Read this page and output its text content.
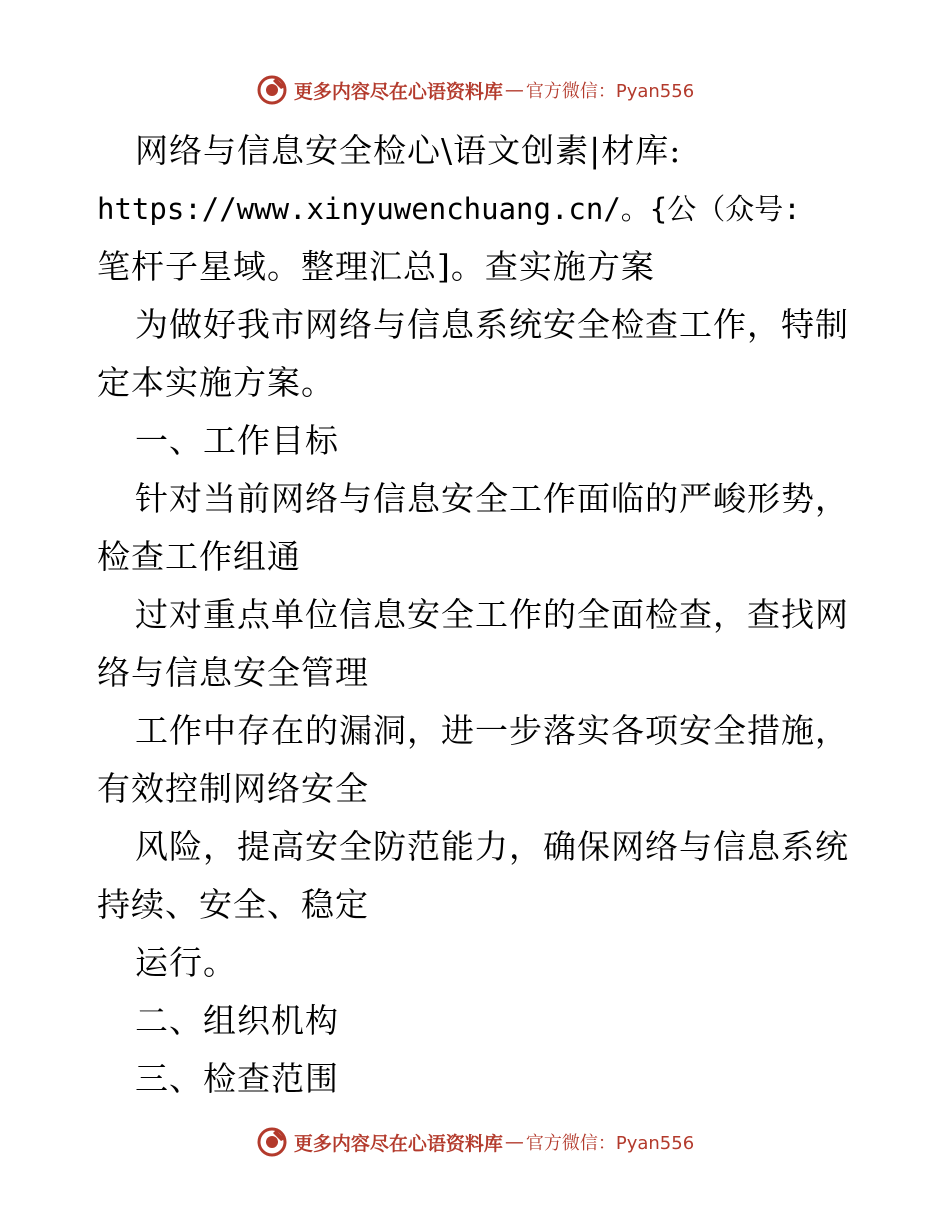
更多内容尽在心语资料库 — 官方微信：Pyan556
网络与信息安全检心\语文创素|材库:
https://www.xinyuwenchuang.cn/。{公（众号:
笔杆子星域。整理汇总]。查实施方案
为做好我市网络与信息系统安全检查工作，特制
定本实施方案。
一、工作目标
针对当前网络与信息安全工作面临的严峻形势，
检查工作组通
过对重点单位信息安全工作的全面检查，查找网
络与信息安全管理
工作中存在的漏洞，进一步落实各项安全措施，
有效控制网络安全
风险，提高安全防范能力，确保网络与信息系统
持续、安全、稳定
运行。
二、组织机构
三、检查范围
更多内容尽在心语资料库 — 官方微信：Pyan556
